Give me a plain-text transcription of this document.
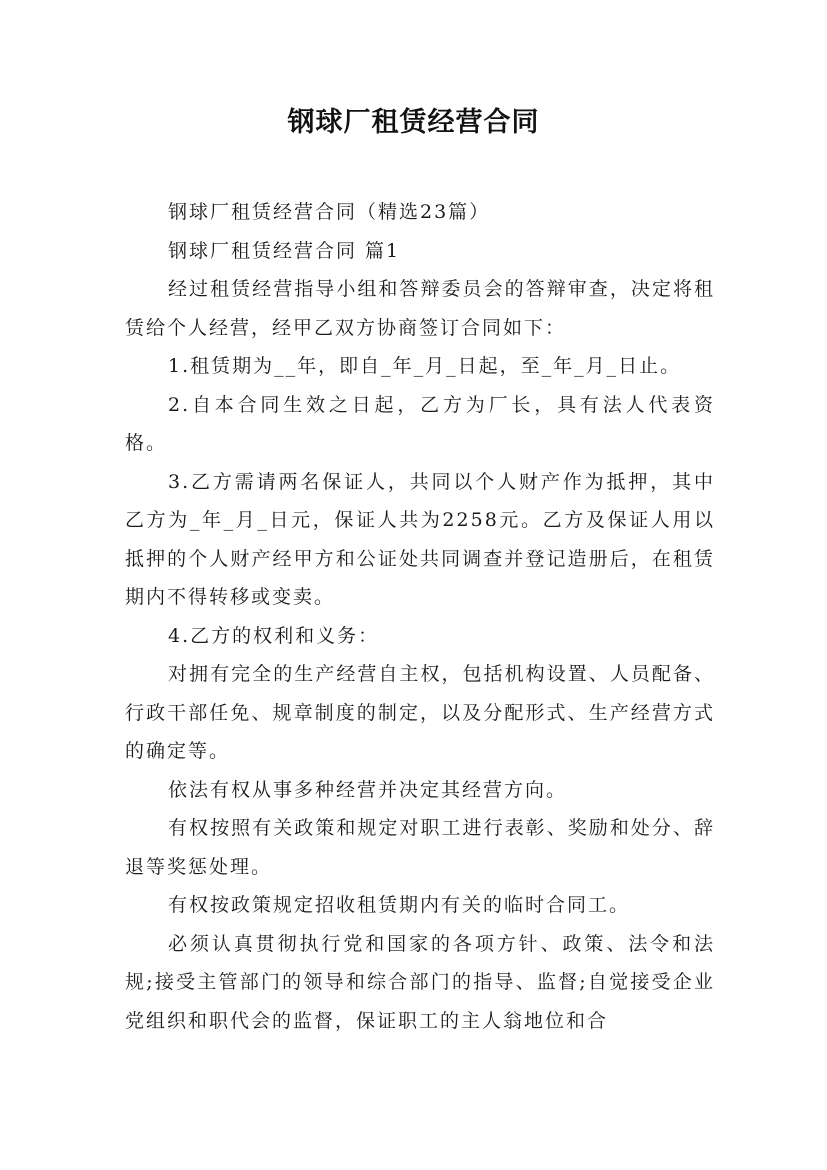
钢球厂租赁经营合同

钢球厂租赁经营合同（精选23篇）

钢球厂租赁经营合同 篇1

经过租赁经营指导小组和答辩委员会的答辩审查，决定将租赁给个人经营，经甲乙双方协商签订合同如下：

1.租赁期为__年，即自_年_月_日起，至_年_月_日止。

2.自本合同生效之日起，乙方为厂长，具有法人代表资格。

3.乙方需请两名保证人，共同以个人财产作为抵押，其中乙方为_年_月_日元，保证人共为2258元。乙方及保证人用以抵押的个人财产经甲方和公证处共同调查并登记造册后，在租赁期内不得转移或变卖。

4.乙方的权利和义务：

对拥有完全的生产经营自主权，包括机构设置、人员配备、行政干部任免、规章制度的制定，以及分配形式、生产经营方式的确定等。

依法有权从事多种经营并决定其经营方向。

有权按照有关政策和规定对职工进行表彰、奖励和处分、辞退等奖惩处理。

有权按政策规定招收租赁期内有关的临时合同工。

必须认真贯彻执行党和国家的各项方针、政策、法令和法规;接受主管部门的领导和综合部门的指导、监督;自觉接受企业党组织和职代会的监督，保证职工的主人翁地位和合
